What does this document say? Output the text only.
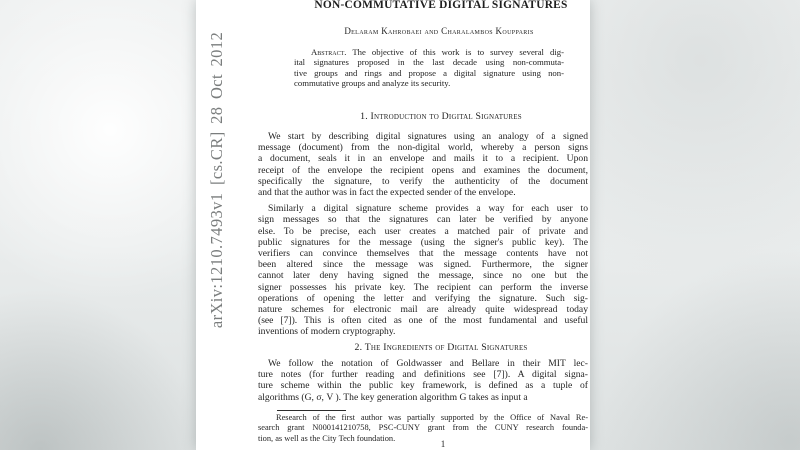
arXiv:1210.7493v1 [cs.CR] 28 Oct 2012
NON-COMMUTATIVE DIGITAL SIGNATURES
Delaram Kahrobaei and Charalambos Koupparis
Abstract. The objective of this work is to survey several dig-
ital signatures proposed in the last decade using non-commuta-
tive groups and rings and propose a digital signature using non-
commutative groups and analyze its security.
1. Introduction to Digital Signatures
We start by describing digital signatures using an analogy of a signed
message (document) from the non-digital world, whereby a person signs
a document, seals it in an envelope and mails it to a recipient. Upon
receipt of the envelope the recipient opens and examines the document,
specifically the signature, to verify the authenticity of the document
and that the author was in fact the expected sender of the envelope.
Similarly a digital signature scheme provides a way for each user to
sign messages so that the signatures can later be verified by anyone
else. To be precise, each user creates a matched pair of private and
public signatures for the message (using the signer's public key). The
verifiers can convince themselves that the message contents have not
been altered since the message was signed. Furthermore, the signer
cannot later deny having signed the message, since no one but the
signer possesses his private key. The recipient can perform the inverse
operations of opening the letter and verifying the signature. Such sig-
nature schemes for electronic mail are already quite widespread today
(see [7]). This is often cited as one of the most fundamental and useful
inventions of modern cryptography.
2. The Ingredients of Digital Signatures
We follow the notation of Goldwasser and Bellare in their MIT lec-
ture notes (for further reading and definitions see [7]). A digital signa-
ture scheme within the public key framework, is defined as a tuple of
algorithms (G, σ, V ). The key generation algorithm G takes as input a
Research of the first author was partially supported by the Office of Naval Re-
search grant N000141210758, PSC-CUNY grant from the CUNY research founda-
tion, as well as the City Tech foundation.
1
